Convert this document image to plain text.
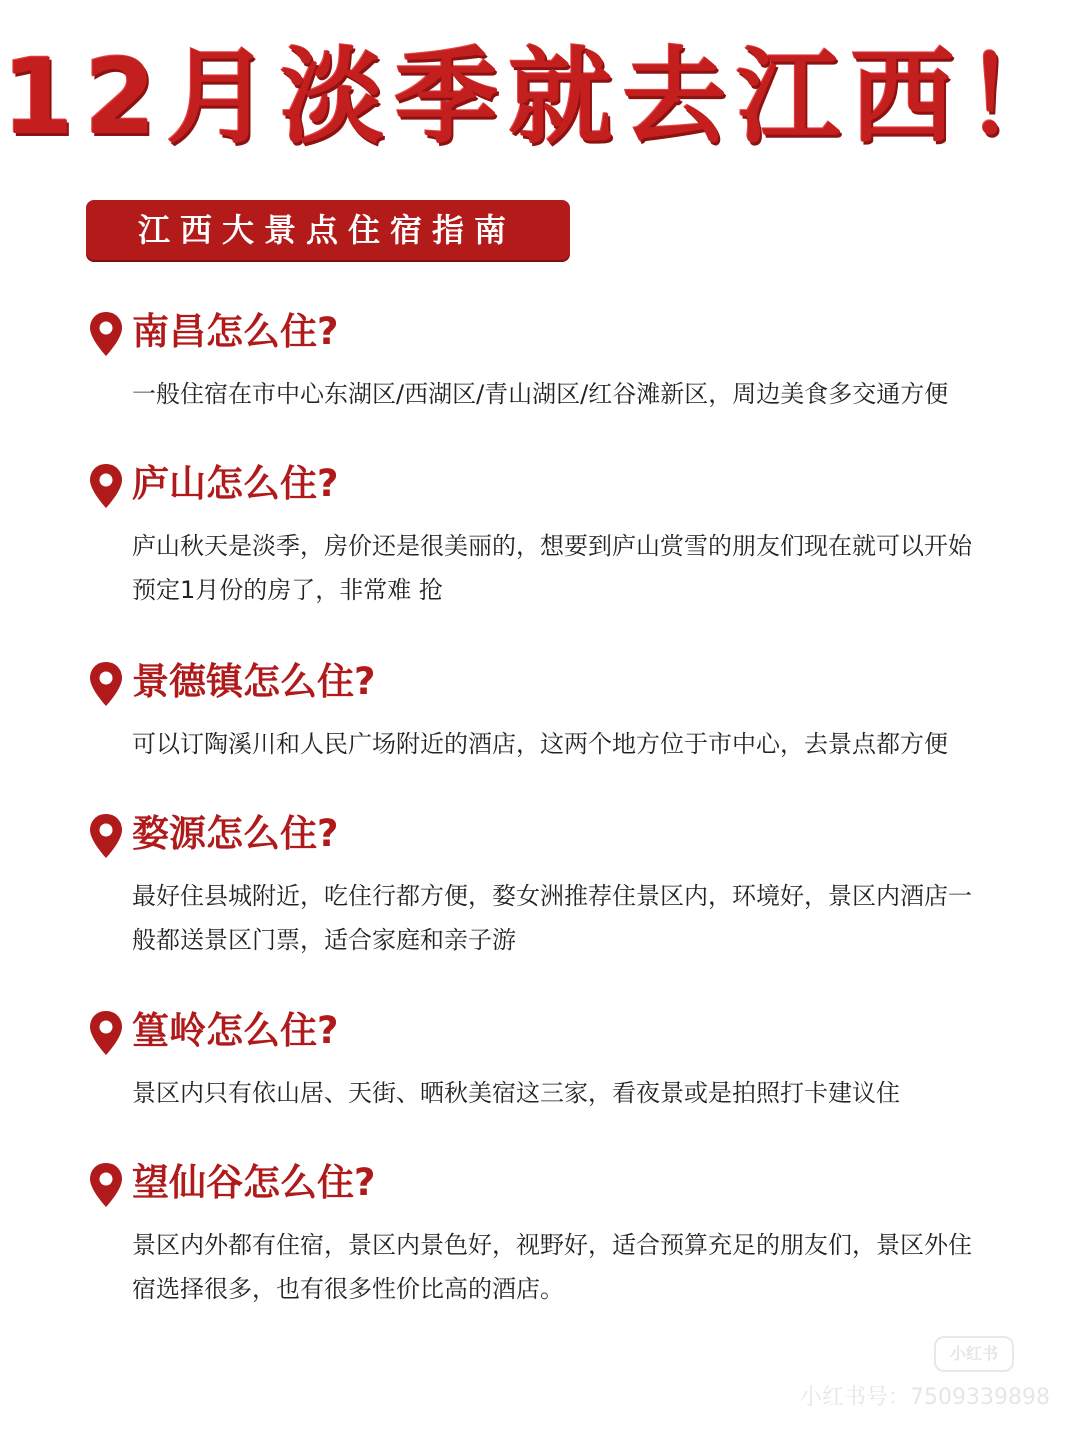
12月淡季就去江西！
江西大景点住宿指南
南昌怎么住?
一般住宿在市中心东湖区/西湖区/青山湖区/红谷滩新区，周边美食多交通方便
庐山怎么住?
庐山秋天是淡季，房价还是很美丽的，想要到庐山赏雪的朋友们现在就可以开始预定1月份的房了，非常难 抢
景德镇怎么住?
可以订陶溪川和人民广场附近的酒店，这两个地方位于市中心，去景点都方便
婺源怎么住?
最好住县城附近，吃住行都方便，婺女洲推荐住景区内，环境好，景区内酒店一般都送景区门票，适合家庭和亲子游
篁岭怎么住?
景区内只有依山居、天街、晒秋美宿这三家，看夜景或是拍照打卡建议住
望仙谷怎么住?
景区内外都有住宿，景区内景色好，视野好，适合预算充足的朋友们，景区外住宿选择很多，也有很多性价比高的酒店。
小红书
小红书号：7509339898
